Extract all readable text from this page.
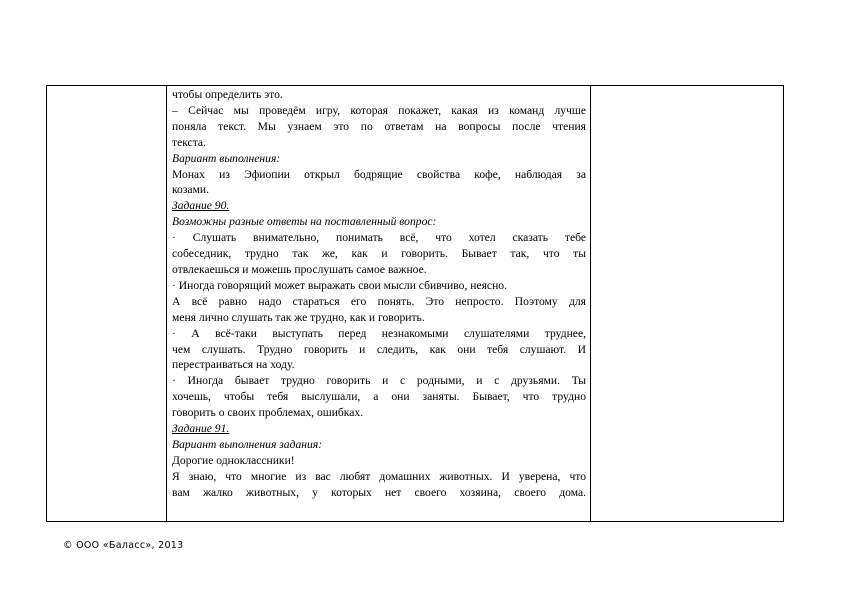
чтобы определить это.
– Сейчас мы проведём игру, которая покажет, какая из команд лучше
поняла текст. Мы узнаем это по ответам на вопросы после чтения
текста.
Вариант выполнения:
Монах из Эфиопии открыл бодрящие свойства кофе, наблюдая за
козами.
Задание 90.
Возможны разные ответы на поставленный вопрос:
· Слушать внимательно, понимать всё, что хотел сказать тебе
собеседник, трудно так же, как и говорить. Бывает так, что ты
отвлекаешься и можешь прослушать самое важное.
· Иногда говорящий может выражать свои мысли сбивчиво, неясно.
А всё равно надо стараться его понять. Это непросто. Поэтому для
меня лично слушать так же трудно, как и говорить.
· А всё-таки выступать перед незнакомыми слушателями труднее,
чем слушать. Трудно говорить и следить, как они тебя слушают. И
перестраиваться на ходу.
· Иногда бывает трудно говорить и с родными, и с друзьями. Ты
хочешь, чтобы тебя выслушали, а они заняты. Бывает, что трудно
говорить о своих проблемах, ошибках.
Задание 91.
Вариант выполнения задания:
Дорогие одноклассники!
Я знаю, что многие из вас любят домашних животных. И уверена, что
вам жалко животных, у которых нет своего хозяина, своего дома.
© ООО «Баласс», 2013
